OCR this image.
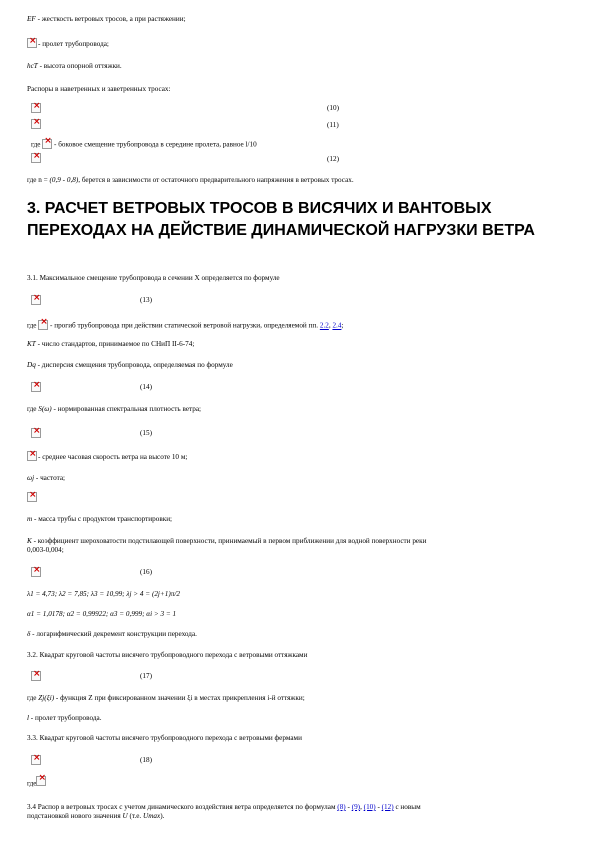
EF - жесткость ветровых тросов, а при растяжении;
×
- пролет трубопровода;
hcT - высота опорной оттяжки.
Распоры в наветренных и заветренных тросах:
×
(10)
×
(11)
где × - боковое смещение трубопровода в середине пролета, равное l/10
×
(12)
где n = (0,9 - 0,8), берется в зависимости от остаточного предварительного напряжения в ветровых тросах.
3. РАСЧЕТ ВЕТРОВЫХ ТРОСОВ В ВИСЯЧИХ И ВАНТОВЫХ ПЕРЕХОДАХ НА ДЕЙСТВИЕ ДИНАМИЧЕСКОЙ НАГРУЗКИ ВЕТРА
3.1. Максимальное смещение трубопровода в сечении X определяется по формуле
×
(13)
где × - прогиб трубопровода при действии статической ветровой нагрузки, определяемой пп. 2.2, 2.4;
KT - число стандартов, принимаемое по СНиП II-6-74;
Dq - дисперсия смещения трубопровода, определяемая по формуле
×
(14)
где S(ω) - нормированная спектральная плотность ветра;
×
(15)
×
- среднее часовая скорость ветра на высоте 10 м;
ωj - частота;
×
m - масса трубы с продуктом транспортировки;
K - коэффициент шероховатости подстилающей поверхности, принимаемый в первом приближении для водной поверхности реки
0,003-0,004;
×
(16)
λ1 = 4,73; λ2 = 7,85; λ3 = 10,99; λj > 4 = (2j+1)π/2
α1 = 1,0178; α2 = 0,99922; α3 = 0,999; αi > 3 = 1
δ - логарифмический декремент конструкции перехода.
3.2. Квадрат круговой частоты висячего трубопроводного перехода с ветровыми оттяжками
×
(17)
где Zj(ξi) - функция Z при фиксированном значении ξi в местах прикрепления i-й оттяжки;
l - пролет трубопровода.
3.3. Квадрат круговой частоты висячего трубопроводного перехода с ветровыми фермами
×
(18)
где×
3.4 Распор в ветровых тросах с учетом динамического воздействия ветра определяется по формулам (8) - (9), (10) - (12) с новым
подстановкой нового значения U (т.е. Umax).
